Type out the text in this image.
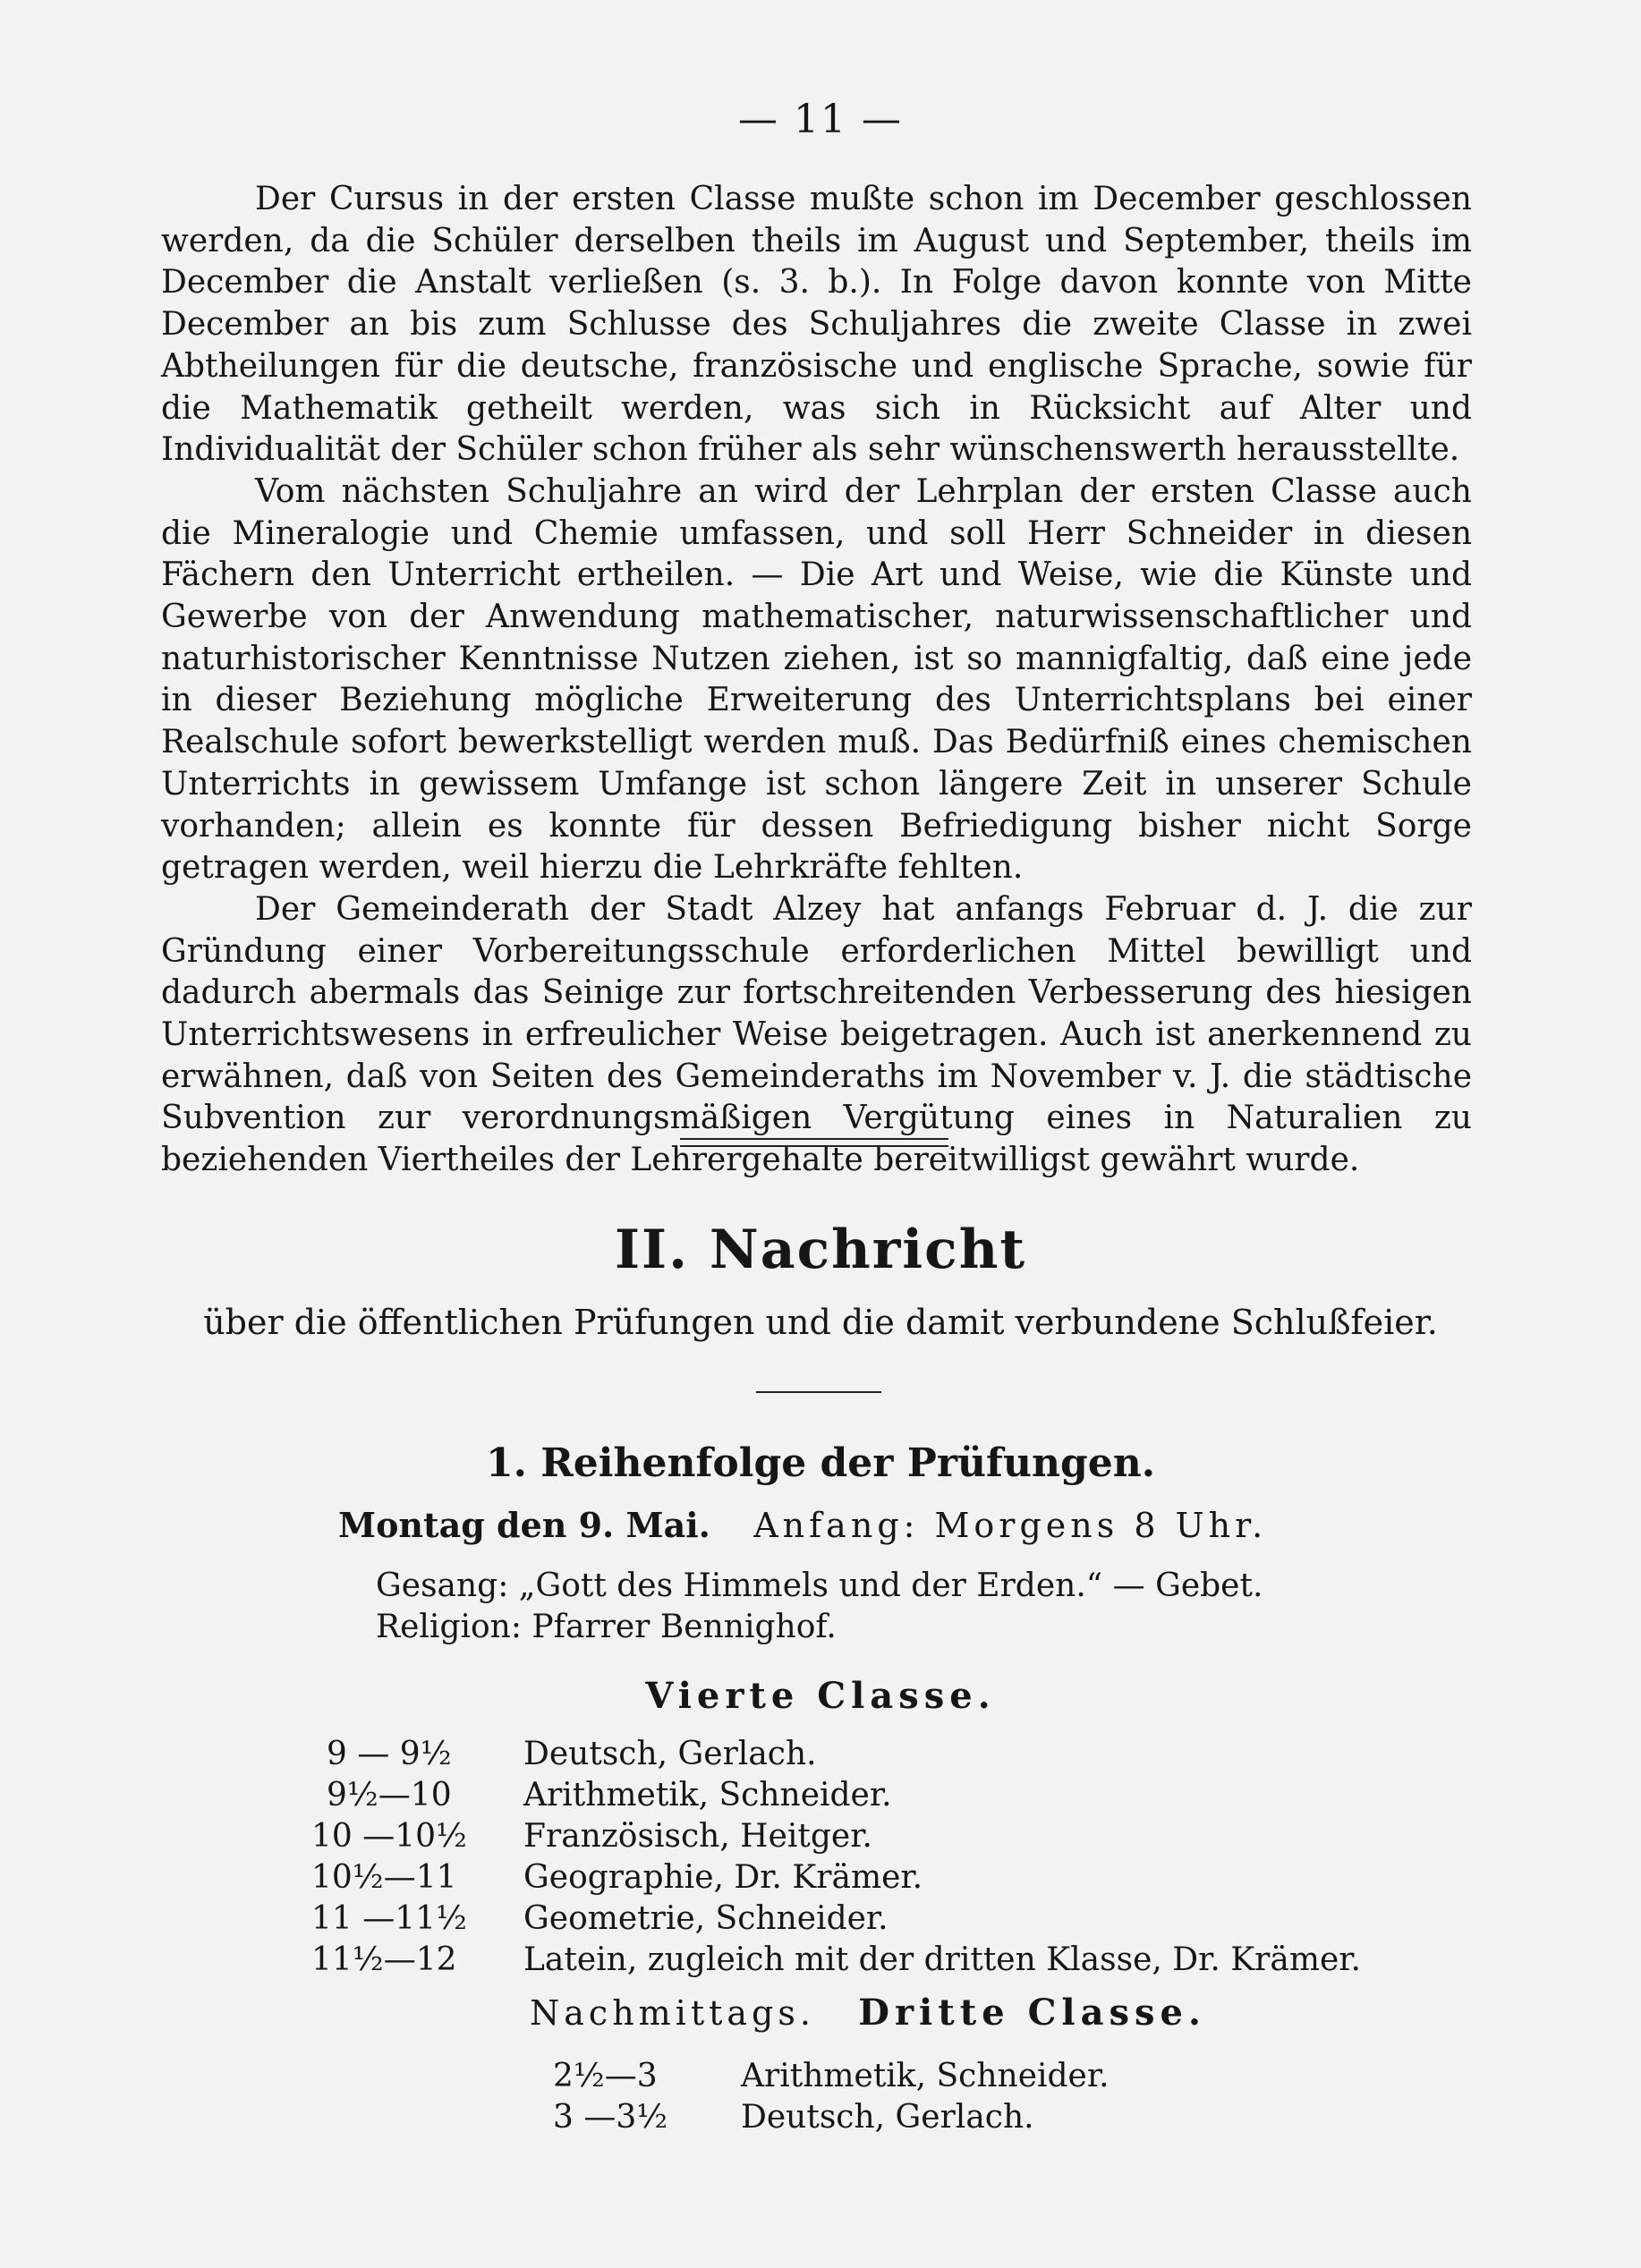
— 11 —

Der Cursus in der ersten Classe mußte schon im December geschlossen werden, da die Schüler derselben theils im August und September, theils im December die Anstalt verließen (s. 3. b.). In Folge davon konnte von Mitte December an bis zum Schlusse des Schuljahres die zweite Classe in zwei Abtheilungen für die deutsche, französische und englische Sprache, sowie für die Mathematik getheilt werden, was sich in Rücksicht auf Alter und Individualität der Schüler schon früher als sehr wünschenswerth herausstellte.

Vom nächsten Schuljahre an wird der Lehrplan der ersten Classe auch die Mineralogie und Chemie umfassen, und soll Herr Schneider in diesen Fächern den Unterricht ertheilen. — Die Art und Weise, wie die Künste und Gewerbe von der Anwendung mathematischer, naturwissenschaftlicher und naturhistorischer Kenntnisse Nutzen ziehen, ist so mannigfaltig, daß eine jede in dieser Beziehung mögliche Erweiterung des Unterrichtsplans bei einer Realschule sofort bewerkstelligt werden muß. Das Bedürfniß eines chemischen Unterrichts in gewissem Umfange ist schon längere Zeit in unserer Schule vorhanden; allein es konnte für dessen Befriedigung bisher nicht Sorge getragen werden, weil hierzu die Lehrkräfte fehlten.

Der Gemeinderath der Stadt Alzey hat anfangs Februar d. J. die zur Gründung einer Vorbereitungsschule erforderlichen Mittel bewilligt und dadurch abermals das Seinige zur fortschreitenden Verbesserung des hiesigen Unterrichtswesens in erfreulicher Weise beigetragen. Auch ist anerkennend zu erwähnen, daß von Seiten des Gemeinderaths im November v. J. die städtische Subvention zur verordnungsmäßigen Vergütung eines in Naturalien zu beziehenden Viertheiles der Lehrergehalte bereitwilligst gewährt wurde.

II. Nachricht
über die öffentlichen Prüfungen und die damit verbundene Schlußfeier.
1. Reihenfolge der Prüfungen.
Montag den 9. Mai. Anfang: Morgens 8 Uhr.
Gesang: „Gott des Himmels und der Erden.“ — Gebet.
Religion: Pfarrer Bennighof.
Vierte Classe.
9 — 9½ Deutsch, Gerlach.
9½—10 Arithmetik, Schneider.
10 —10½ Französisch, Heitger.
10½—11 Geographie, Dr. Krämer.
11 —11½ Geometrie, Schneider.
11½—12 Latein, zugleich mit der dritten Klasse, Dr. Krämer.
Nachmittags. Dritte Classe.
2½—3	Arithmetik, Schneider.
3 —3½ Deutsch, Gerlach.
